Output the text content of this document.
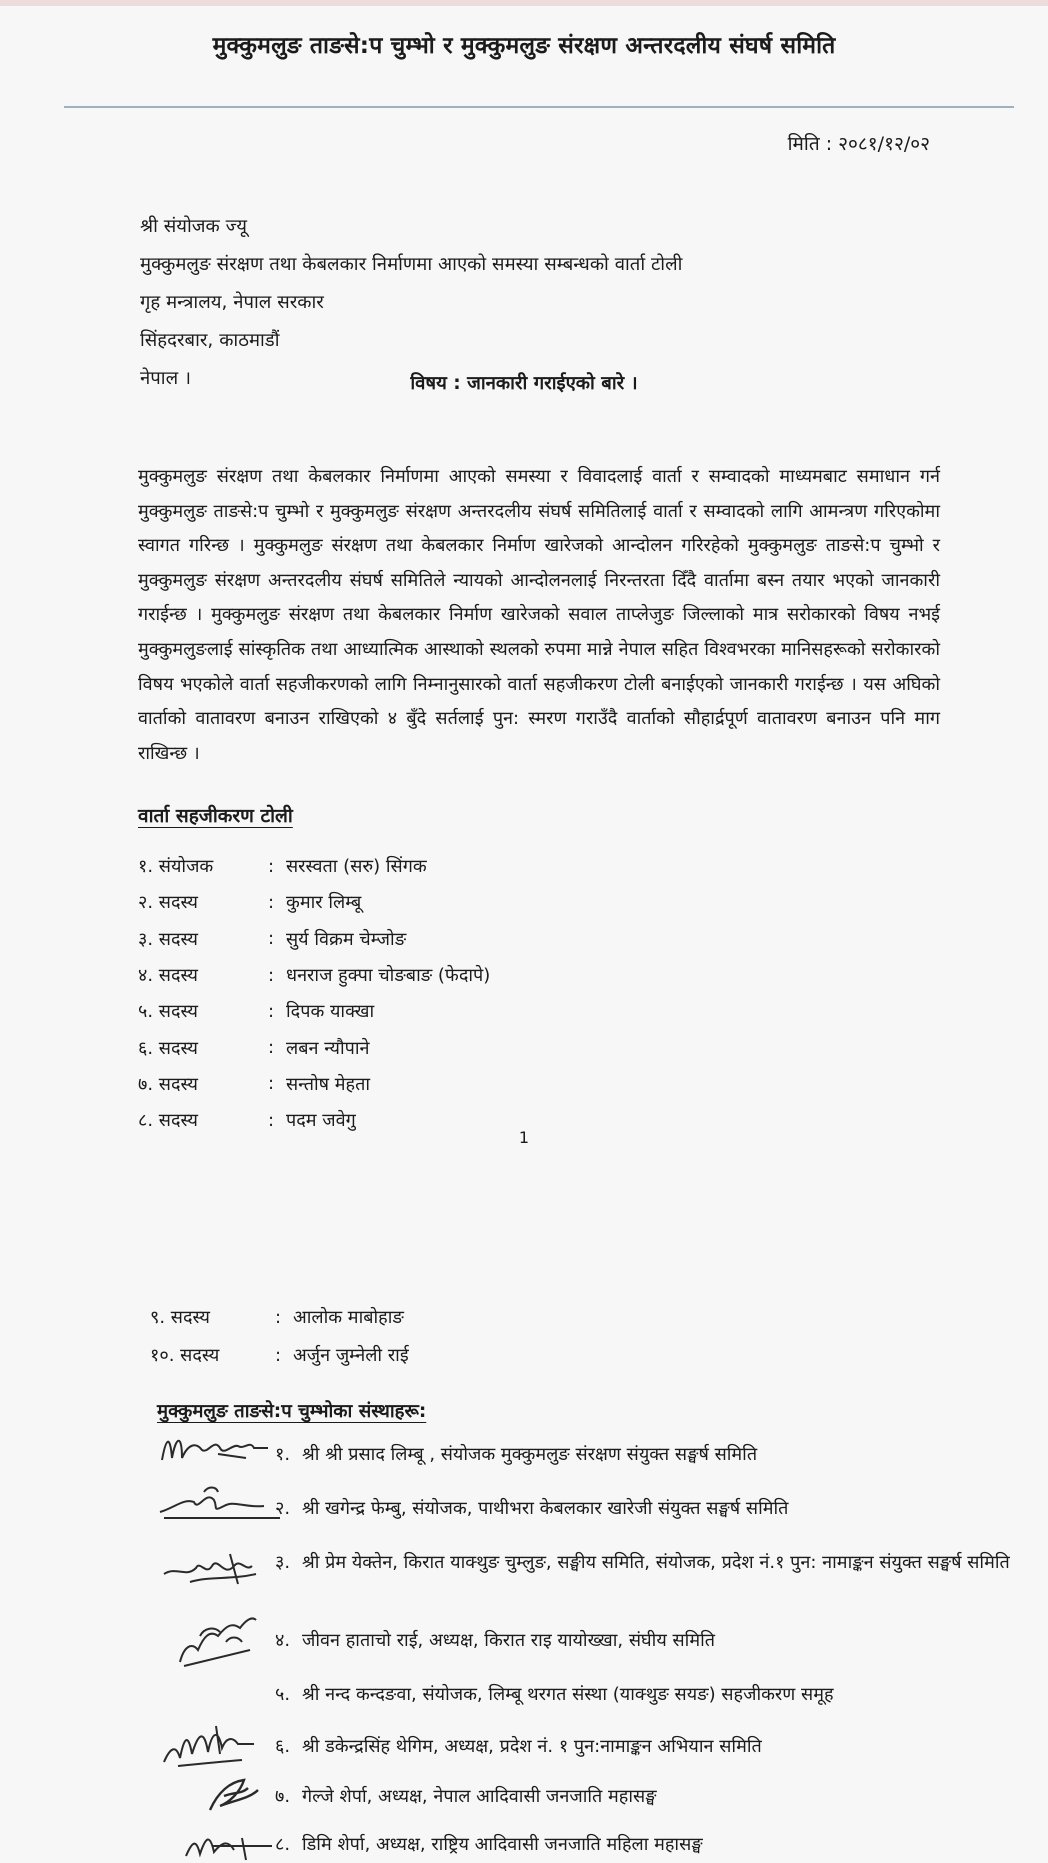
मुक्कुमलुङ ताङसे:प चुम्भो र मुक्कुमलुङ संरक्षण अन्तरदलीय संघर्ष समिति
मिति : २०८१/१२/०२
श्री संयोजक ज्यू
मुक्कुमलुङ संरक्षण तथा केबलकार निर्माणमा आएको समस्या सम्बन्धको वार्ता टोली
गृह मन्त्रालय, नेपाल सरकार
सिंहदरबार, काठमाडौं
नेपाल ।	विषय : जानकारी गराईएको बारे ।
मुक्कुमलुङ संरक्षण तथा केबलकार निर्माणमा आएको समस्या र विवादलाई वार्ता र सम्वादको माध्यमबाट समाधान गर्न मुक्कुमलुङ ताङसे:प चुम्भो र मुक्कुमलुङ संरक्षण अन्तरदलीय संघर्ष समितिलाई वार्ता र सम्वादको लागि आमन्त्रण गरिएकोमा स्वागत गरिन्छ । मुक्कुमलुङ संरक्षण तथा केबलकार निर्माण खारेजको आन्दोलन गरिरहेको मुक्कुमलुङ ताङसे:प चुम्भो र मुक्कुमलुङ संरक्षण अन्तरदलीय संघर्ष समितिले न्यायको आन्दोलनलाई निरन्तरता दिँदै वार्तामा बस्न तयार भएको जानकारी गराईन्छ । मुक्कुमलुङ संरक्षण तथा केबलकार निर्माण खारेजको सवाल ताप्लेजुङ जिल्लाको मात्र सरोकारको विषय नभई मुक्कुमलुङलाई सांस्कृतिक तथा आध्यात्मिक आस्थाको स्थलको रुपमा मान्ने नेपाल सहित विश्वभरका मानिसहरूको सरोकारको विषय भएकोले वार्ता सहजीकरणको लागि निम्नानुसारको वार्ता सहजीकरण टोली बनाईएको जानकारी गराईन्छ । यस अघिको वार्ताको वातावरण बनाउन राखिएको ४ बुँदे सर्तलाई पुन: स्मरण गराउँदै वार्ताको सौहार्द्रपूर्ण वातावरण बनाउन पनि माग राखिन्छ ।
वार्ता सहजीकरण टोली
१. संयोजक	: सरस्वता (सरु) सिंगक
२. सदस्य	: कुमार लिम्बू
३. सदस्य	: सुर्य विक्रम चेम्जोङ
४. सदस्य	: धनराज हुक्पा चोङबाङ (फेदापे)
५. सदस्य	: दिपक याक्खा
६. सदस्य	: लबन न्यौपाने
७. सदस्य	: सन्तोष मेहता
८. सदस्य	: पदम जवेगु
1
९. सदस्य	: आलोक माबोहाङ
१०. सदस्य	: अर्जुन जुम्नेली राई
मुक्कुमलुङ ताङसे:प चुम्भोका संस्थाहरू:
१. श्री श्री प्रसाद लिम्बू , संयोजक मुक्कुमलुङ संरक्षण संयुक्त सङ्घर्ष समिति
२. श्री खगेन्द्र फेम्बु, संयोजक, पाथीभरा केबलकार खारेजी संयुक्त सङ्घर्ष समिति
३. श्री प्रेम येक्तेन, किरात याक्थुङ चुम्लुङ, सङ्घीय समिति, संयोजक, प्रदेश नं.१ पुन: नामाङ्कन संयुक्त सङ्घर्ष समिति
४. जीवन हाताचो राई, अध्यक्ष, किरात राइ यायोख्खा, संघीय समिति
५. श्री नन्द कन्दङवा, संयोजक, लिम्बू थरगत संस्था (याक्थुङ सयङ) सहजीकरण समूह
६. श्री डकेन्द्रसिंह थेगिम, अध्यक्ष, प्रदेश नं. १ पुन:नामाङ्कन अभियान समिति
७. गेल्जे शेर्पा, अध्यक्ष, नेपाल आदिवासी जनजाति महासङ्घ
८. डिमि शेर्पा, अध्यक्ष, राष्ट्रिय आदिवासी जनजाति महिला महासङ्घ
